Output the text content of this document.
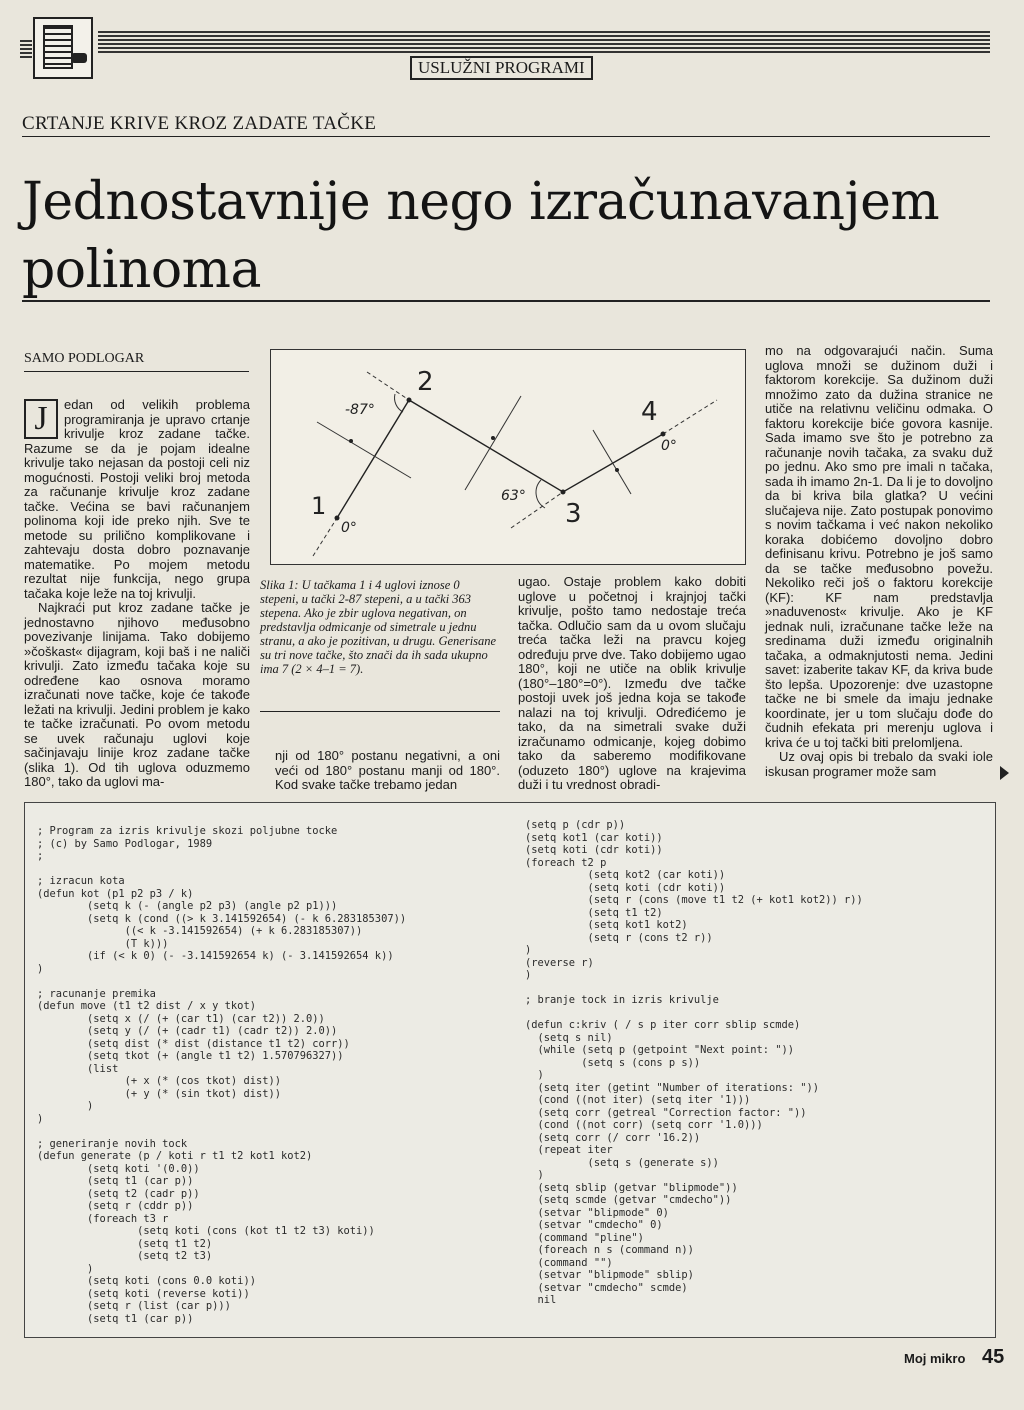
USLUŽNI PROGRAMI
CRTANJE KRIVE KROZ ZADATE TAČKE
Jednostavnije nego izračunavanjem polinoma
SAMO PODLOGAR

J	edan od velikih problema programiranja je upravo crtanje krivulje kroz zadane tačke. Razume se da je pojam idealne krivulje tako nejasan da postoji celi niz mogućnosti. Postoji veliki broj metoda za računanje krivulje kroz zadane tačke. Većina se bavi računanjem polinoma koji ide preko njih. Sve te metode su prilično komplikovane i zahtevaju dosta dobro poznavanje matematike. Po mojem metodu rezultat nije funkcija, nego grupa tačaka koje leže na toj krivulji.

Najkraći put kroz zadane tačke je jednostavno njihovo međusobno povezivanje linijama. Tako dobijemo »čoškast« dijagram, koji baš i ne naliči krivulji. Zato između tačaka koje su određene kao osnova moramo izračunati nove tačke, koje će takođe ležati na krivulji. Jedini problem je kako te tačke izračunati. Po ovom metodu se uvek računaju uglovi koje sačinjavaju linije kroz zadane tačke (slika 1). Od tih uglova oduzmemo 180°, tako da uglovi ma-

1
2
3
4
0°
-87°
63°
0°
Slika 1: U tačkama 1 i 4 uglovi iznose 0 stepeni, u tački 2-87 stepeni, a u tački 363 stepena. Ako je zbir uglova negativan, on predstavlja odmicanje od simetrale u jednu stranu, a ako je pozitivan, u drugu. Generisane su tri nove tačke, što znači da ih sada ukupno ima 7 (2 × 4–1 = 7).
nji od 180° postanu negativni, a oni veći od 180° postanu manji od 180°. Kod svake tačke trebamo jedan
ugao. Ostaje problem kako dobiti uglove u početnoj i krajnjoj tački krivulje, pošto tamo nedostaje treća tačka. Odlučio sam da u ovom slučaju treća tačka leži na pravcu kojeg određuju prve dve. Tako dobijemo ugao 180°, koji ne utiče na oblik krivulje (180°–180°=0°). Između dve tačke postoji uvek još jedna koja se takođe nalazi na toj krivulji. Određićemo je tako, da na simetrali svake duži izračunamo odmicanje, kojeg dobimo tako da saberemo modifikovane (oduzeto 180°) uglove na krajevima duži i tu vrednost obradi-

mo na odgovarajući način. Suma uglova množi se dužinom duži i faktorom korekcije. Sa dužinom duži množimo zato da dužina stranice ne utiče na relativnu veličinu odmaka. O faktoru korekcije biće govora kasnije. Sada imamo sve što je potrebno za računanje novih tačaka, za svaku duž po jednu. Ako smo pre imali n tačaka, sada ih imamo 2n-1. Da li je to dovoljno da bi kriva bila glatka? U većini slučajeva nije. Zato postupak ponovimo s novim tačkama i već nakon nekoliko koraka dobićemo dovoljno dobro definisanu krivu. Potrebno je još samo da se tačke međusobno povežu. Nekoliko reči još o faktoru korekcije (KF): KF nam predstavlja »naduvenost« krivulje. Ako je KF jednak nuli, izračunane tačke leže na sredinama duži između originalnih tačaka, a odmaknjutosti nema. Jedini savet: izaberite takav KF, da kriva bude što lepša. Upozorenje: dve uzastopne tačke ne bi smele da imaju jednake koordinate, jer u tom slučaju dođe do čudnih efekata pri merenju uglova i kriva će u toj tački biti prelomljena.

Uz ovaj opis bi trebalo da svaki iole iskusan programer može sam

; Program za izris krivulje skozi poljubne tocke
; (c) by Samo Podlogar, 1989
;

; izracun kota
(defun kot (p1 p2 p3 / k)
(setq k (- (angle p2 p3) (angle p2 p1)))
(setq k (cond ((> k 3.141592654) (- k 6.283185307))
((< k -3.141592654) (+ k 6.283185307))
(T k)))
(if (< k 0) (- -3.141592654 k) (- 3.141592654 k))
)

; racunanje premika
(defun move (t1 t2 dist / x y tkot)
(setq x (/ (+ (car t1) (car t2)) 2.0))
(setq y (/ (+ (cadr t1) (cadr t2)) 2.0))
(setq dist (* dist (distance t1 t2) corr))
(setq tkot (+ (angle t1 t2) 1.570796327))
(list
(+ x (* (cos tkot) dist))
(+ y (* (sin tkot) dist))
)
)

; generiranje novih tock
(defun generate (p / koti r t1 t2 kot1 kot2)
(setq koti '(0.0))
(setq t1 (car p))
(setq t2 (cadr p))
(setq r (cddr p))
(foreach t3 r
(setq koti (cons (kot t1 t2 t3) koti))
(setq t1 t2)
(setq t2 t3)
)
(setq koti (cons 0.0 koti))
(setq koti (reverse koti))
(setq r (list (car p)))
(setq t1 (car p))
(setq p (cdr p))
(setq kot1 (car koti))
(setq koti (cdr koti))
(foreach t2 p
(setq kot2 (car koti))
(setq koti (cdr koti))
(setq r (cons (move t1 t2 (+ kot1 kot2)) r))
(setq t1 t2)
(setq kot1 kot2)
(setq r (cons t2 r))
)
(reverse r)
)

; branje tock in izris krivulje

(defun c:kriv ( / s p iter corr sblip scmde)
(setq s nil)
(while (setq p (getpoint "Next point: "))
(setq s (cons p s))
)
(setq iter (getint "Number of iterations: "))
(cond ((not iter) (setq iter '1)))
(setq corr (getreal "Correction factor: "))
(cond ((not corr) (setq corr '1.0)))
(setq corr (/ corr '16.2))
(repeat iter
(setq s (generate s))
)
(setq sblip (getvar "blipmode"))
(setq scmde (getvar "cmdecho"))
(setvar "blipmode" 0)
(setvar "cmdecho" 0)
(command "pline")
(foreach n s (command n))
(command "")
(setvar "blipmode" sblip)
(setvar "cmdecho" scmde)
nil
Moj mikro 45
